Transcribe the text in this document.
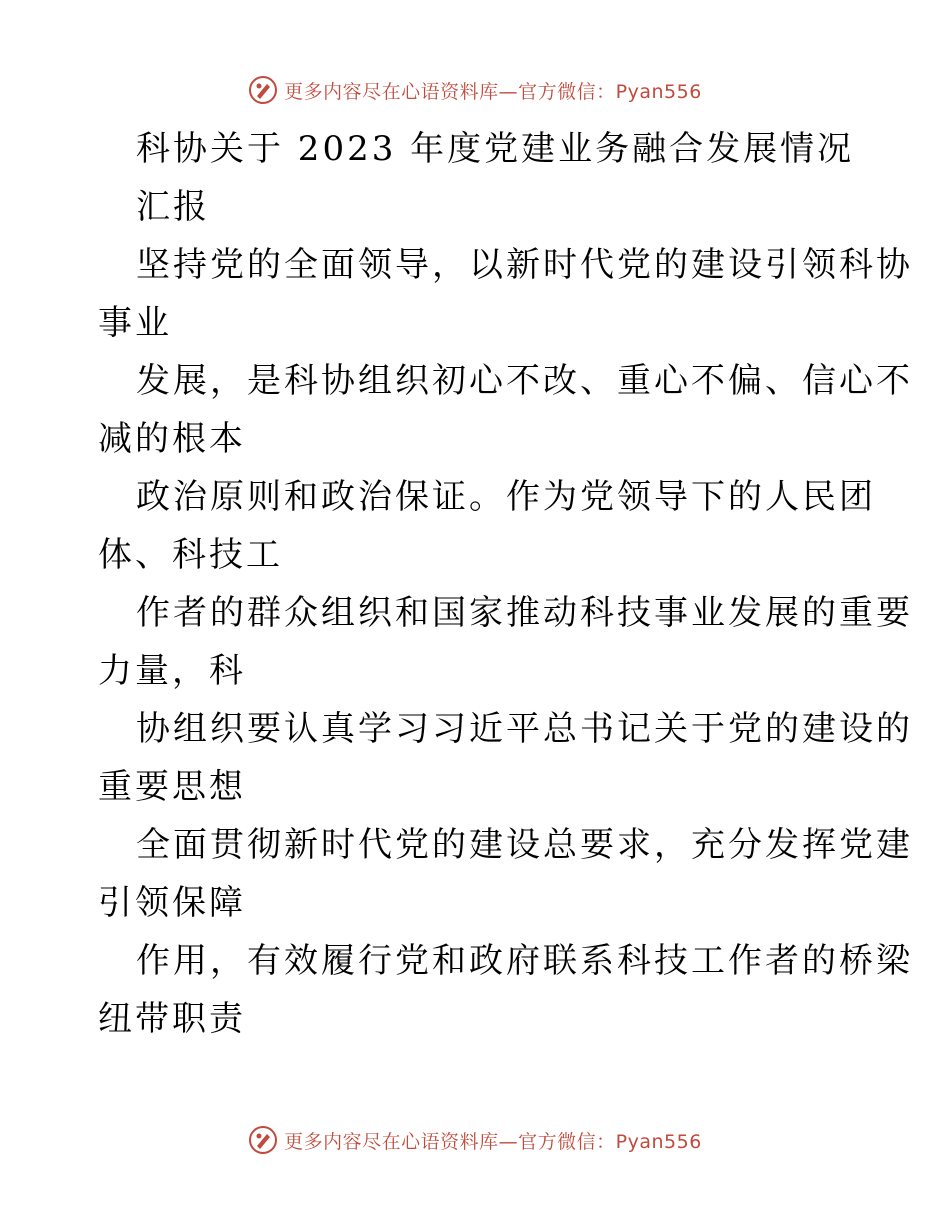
更多内容尽在心语资料库—官方微信：Pyan556
科协关于 2023 年度党建业务融合发展情况
汇报
坚持党的全面领导，以新时代党的建设引领科协
事业
发展，是科协组织初心不改、重心不偏、信心不
减的根本
政治原则和政治保证。作为党领导下的人民团
体、科技工
作者的群众组织和国家推动科技事业发展的重要
力量，科
协组织要认真学习习近平总书记关于党的建设的
重要思想
全面贯彻新时代党的建设总要求，充分发挥党建
引领保障
作用，有效履行党和政府联系科技工作者的桥梁
纽带职责
更多内容尽在心语资料库—官方微信：Pyan556
